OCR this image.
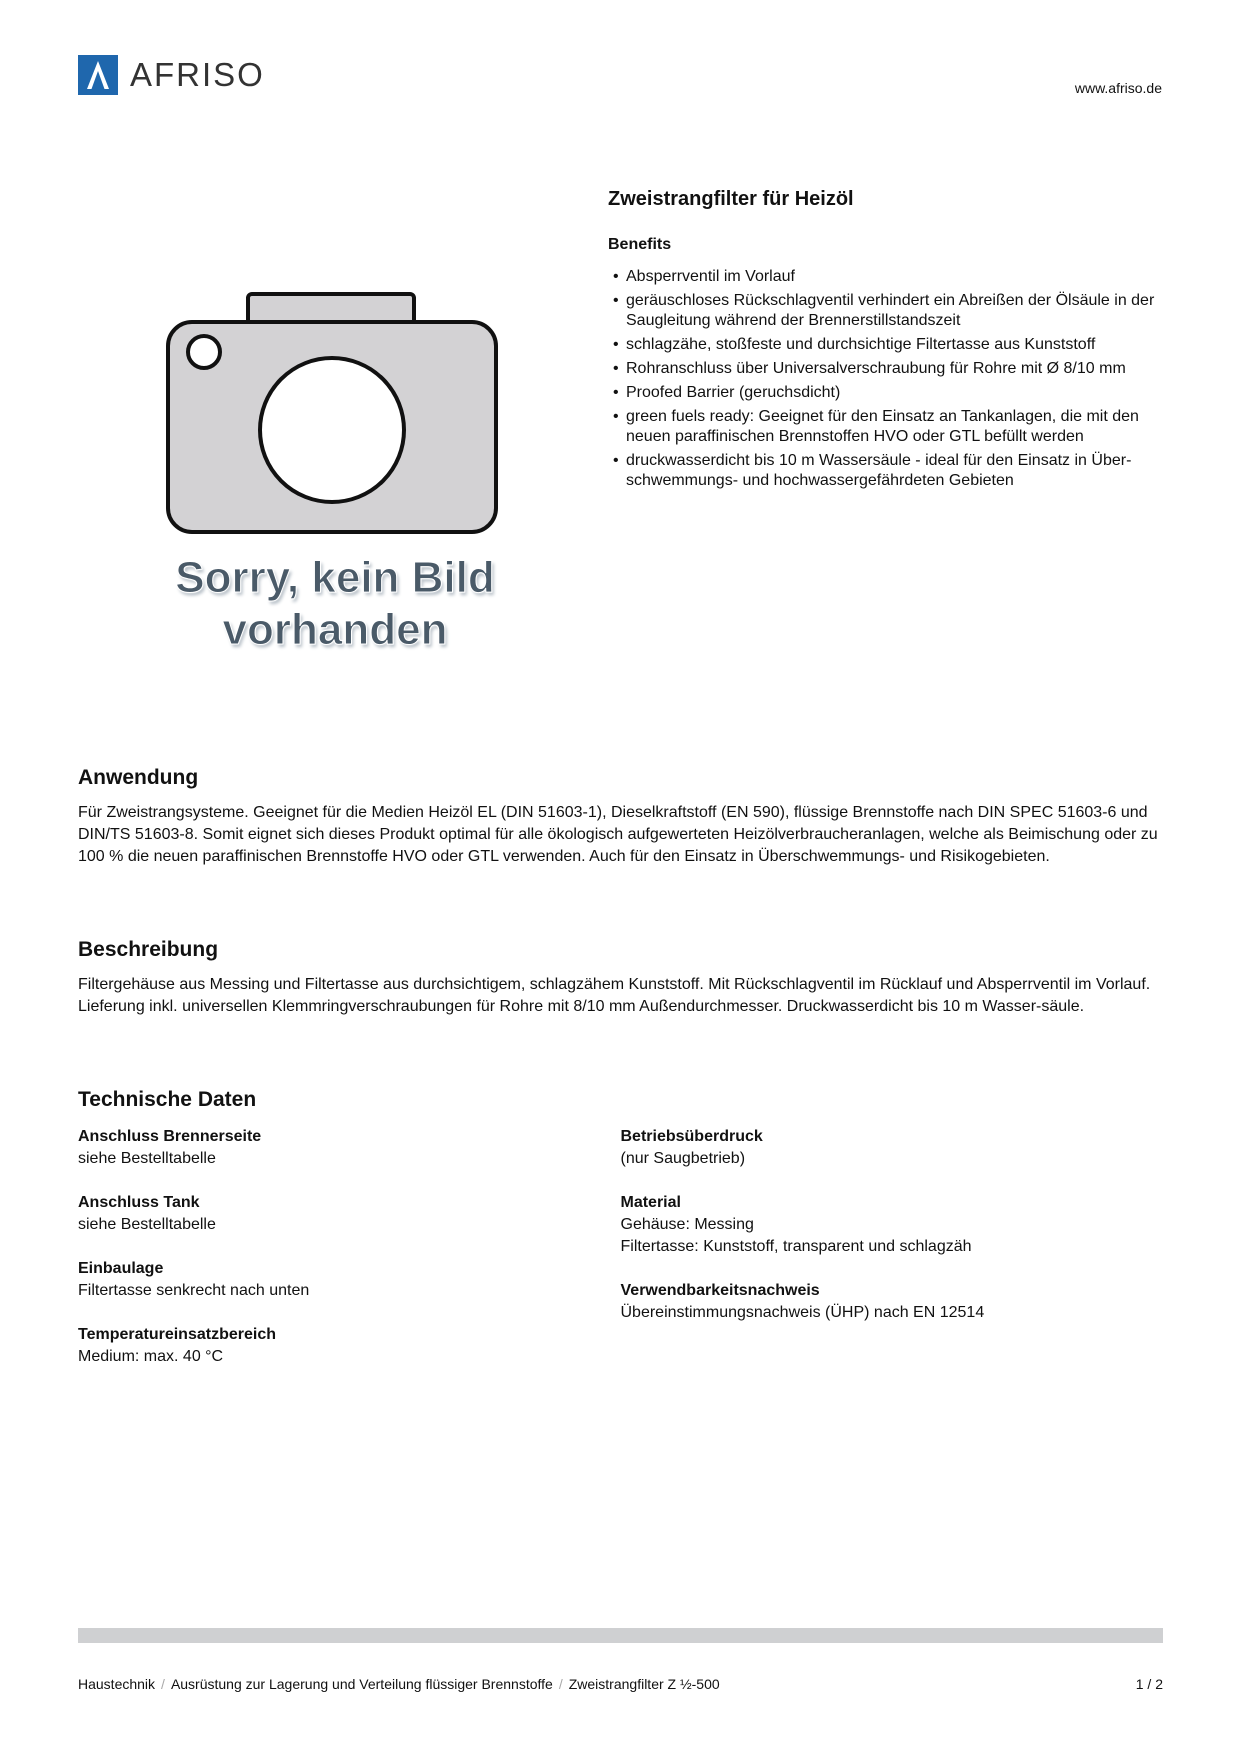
AFRISO	www.afriso.de
Sorry, kein Bild
vorhanden
Zweistrangfilter für Heizöl
Benefits
• Absperrventil im Vorlauf
• geräuschloses Rückschlagventil verhindert ein Abreißen der Ölsäule in der Saugleitung während der Brennerstillstandszeit
• schlagzähe, stoßfeste und durchsichtige Filtertasse aus Kunststoff
• Rohranschluss über Universalverschraubung für Rohre mit Ø 8/10 mm
• Proofed Barrier (geruchsdicht)
• green fuels ready: Geeignet für den Einsatz an Tankanlagen, die mit den neuen paraffinischen Brennstoffen HVO oder GTL befüllt werden
• druckwasserdicht bis 10 m Wassersäule - ideal für den Einsatz in Über-schwemmungs- und hochwassergefährdeten Gebieten
Anwendung

Für Zweistrangsysteme. Geeignet für die Medien Heizöl EL (DIN 51603-1), Dieselkraftstoff (EN 590), flüssige Brennstoffe nach DIN SPEC 51603-6 und DIN/TS 51603-8. Somit eignet sich dieses Produkt optimal für alle ökologisch aufgewerteten Heizölverbraucheranlagen, welche als Beimischung oder zu 100 % die neuen paraffinischen Brennstoffe HVO oder GTL verwenden. Auch für den Einsatz in Überschwemmungs- und Risikogebieten.

Beschreibung

Filtergehäuse aus Messing und Filtertasse aus durchsichtigem, schlagzähem Kunststoff. Mit Rückschlagventil im Rücklauf und Absperrventil im Vorlauf. Lieferung inkl. universellen Klemmringverschraubungen für Rohre mit 8/10 mm Außendurchmesser. Druckwasserdicht bis 10 m Wasser-säule.

Technische Daten
Anschluss Brennerseite
siehe Bestelltabelle
Anschluss Tank
siehe Bestelltabelle
Einbaulage
Filtertasse senkrecht nach unten
Temperatureinsatzbereich
Medium: max. 40 °C
Betriebsüberdruck
(nur Saugbetrieb)
Material
Gehäuse: Messing
Filtertasse: Kunststoff, transparent und schlagzäh
Verwendbarkeitsnachweis
Übereinstimmungsnachweis (ÜHP) nach EN 12514
Haustechnik / Ausrüstung zur Lagerung und Verteilung flüssiger Brennstoffe / Zweistrangfilter Z ½-500	1 / 2
